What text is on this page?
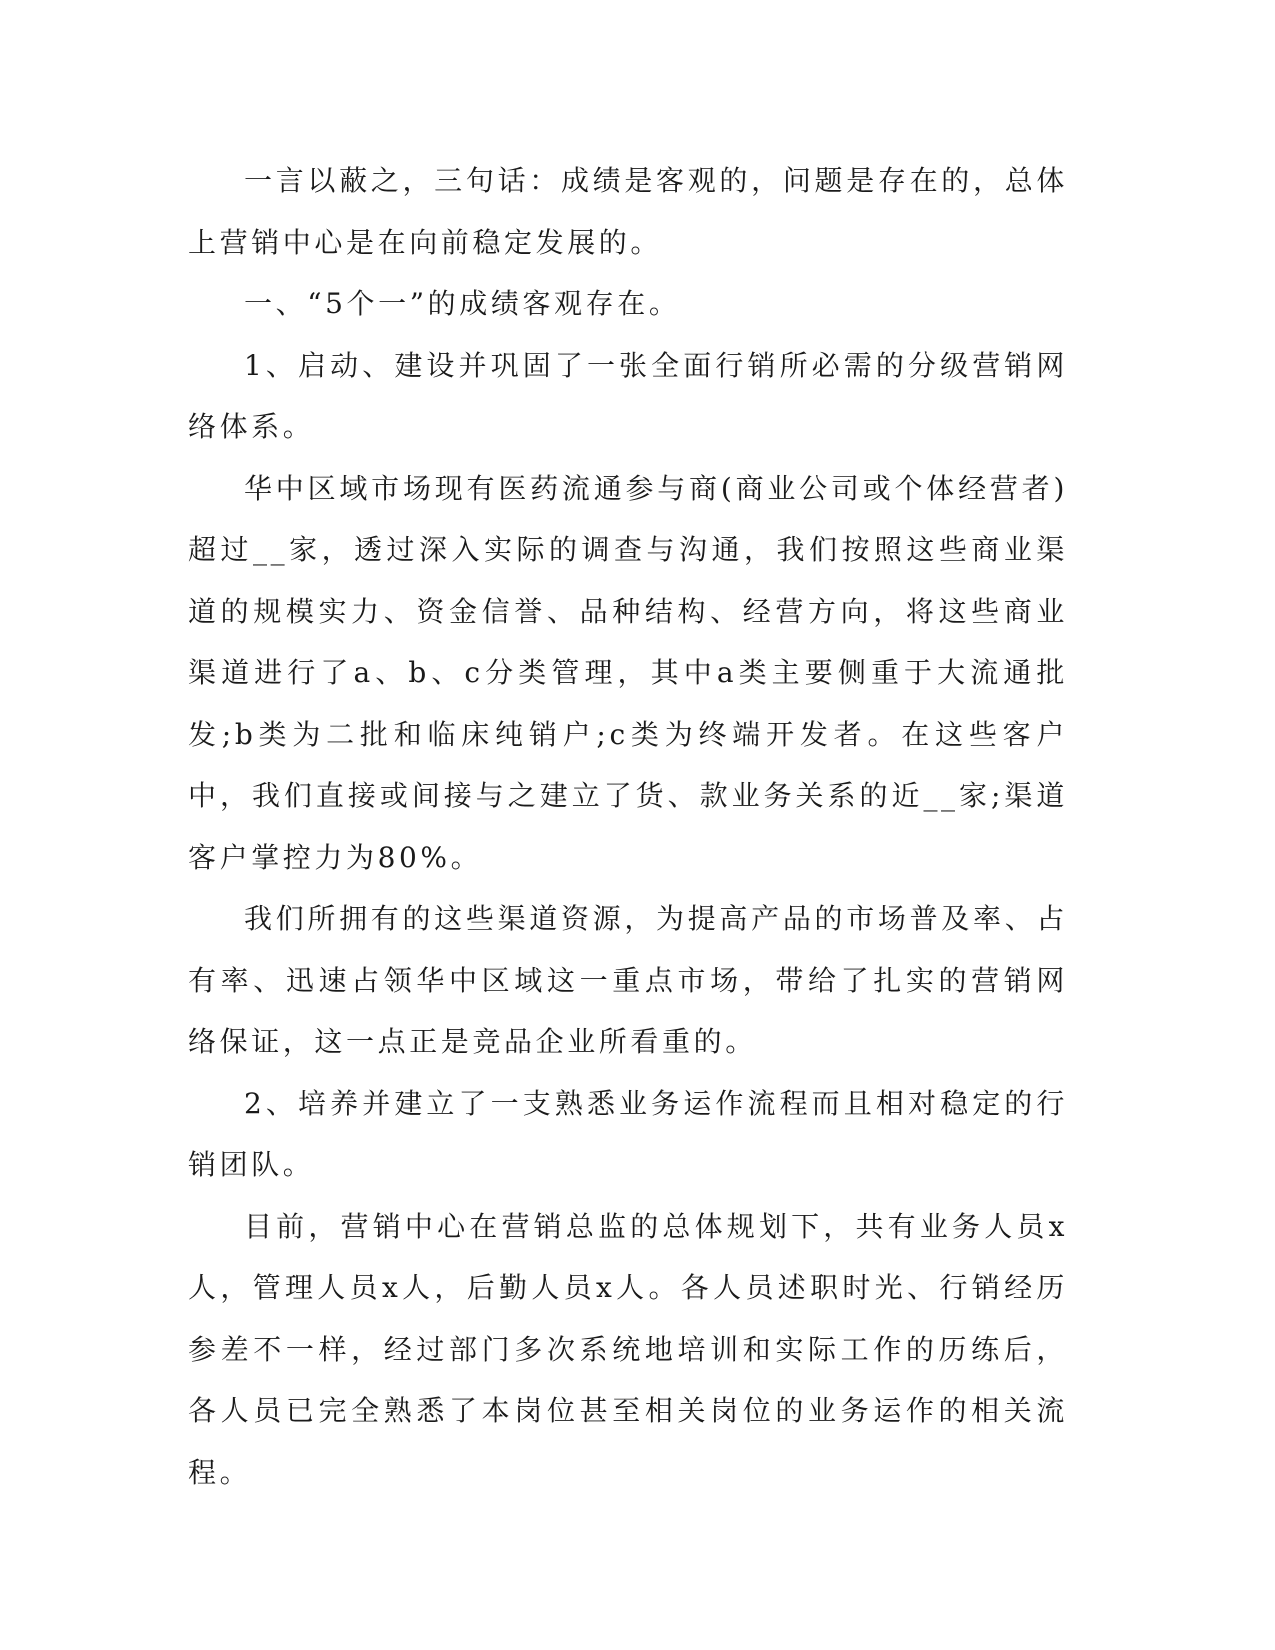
一言以蔽之，三句话：成绩是客观的，问题是存在的，总体上营销中心是在向前稳定发展的。

一、“5个一”的成绩客观存在。

1、启动、建设并巩固了一张全面行销所必需的分级营销网络体系。

华中区域市场现有医药流通参与商(商业公司或个体经营者)超过__家，透过深入实际的调查与沟通，我们按照这些商业渠道的规模实力、资金信誉、品种结构、经营方向，将这些商业渠道进行了a、b、c分类管理，其中a类主要侧重于大流通批发;b类为二批和临床纯销户;c类为终端开发者。在这些客户中，我们直接或间接与之建立了货、款业务关系的近__家;渠道客户掌控力为80%。

我们所拥有的这些渠道资源，为提高产品的市场普及率、占有率、迅速占领华中区域这一重点市场，带给了扎实的营销网络保证，这一点正是竞品企业所看重的。

2、培养并建立了一支熟悉业务运作流程而且相对稳定的行销团队。

目前，营销中心在营销总监的总体规划下，共有业务人员x人，管理人员x人，后勤人员x人。各人员述职时光、行销经历参差不一样，经过部门多次系统地培训和实际工作的历练后，各人员已完全熟悉了本岗位甚至相关岗位的业务运作的相关流程。
